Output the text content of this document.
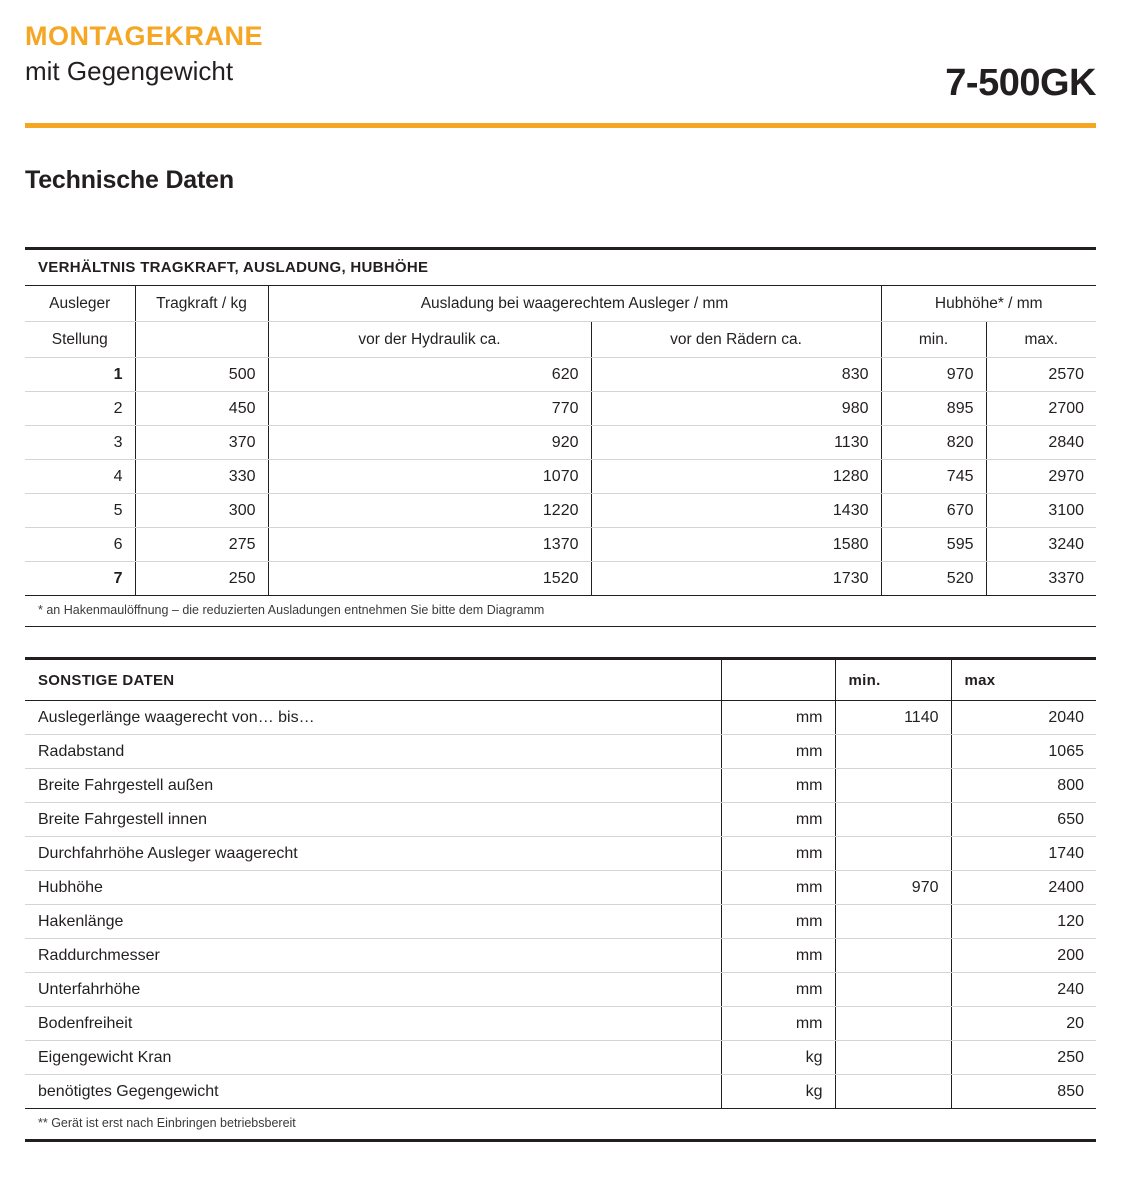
MONTAGEKRANE
mit Gegengewicht	7-500GK
Technische Daten
VERHÄLTNIS TRAGKRAFT, AUSLADUNG, HUBHÖHE					
Ausleger	Tragkraft / kg	Ausladung bei waagerechtem Ausleger / mm		Hubhöhe* / mm	
Stellung		vor der Hydraulik ca.	vor den Rädern ca.	min.	max.
1	500	620	830	970	2570
2	450	770	980	895	2700
3	370	920	1130	820	2840
4	330	1070	1280	745	2970
5	300	1220	1430	670	3100
6	275	1370	1580	595	3240
7	250	1520	1730	520	3370
* an Hakenmaulöffnung – die reduzierten Ausladungen entnehmen Sie bitte dem Diagramm					
SONSTIGE DATEN		min.	max
Auslegerlänge waagerecht von… bis…	mm	1140	2040
Radabstand	mm		1065
Breite Fahrgestell außen	mm		800
Breite Fahrgestell innen	mm		650
Durchfahrhöhe Ausleger waagerecht	mm		1740
Hubhöhe	mm	970	2400
Hakenlänge	mm		120
Raddurchmesser	mm		200
Unterfahrhöhe	mm		240
Bodenfreiheit	mm		20
Eigengewicht Kran	kg		250
benötigtes Gegengewicht	kg		850
** Gerät ist erst nach Einbringen betriebsbereit			
